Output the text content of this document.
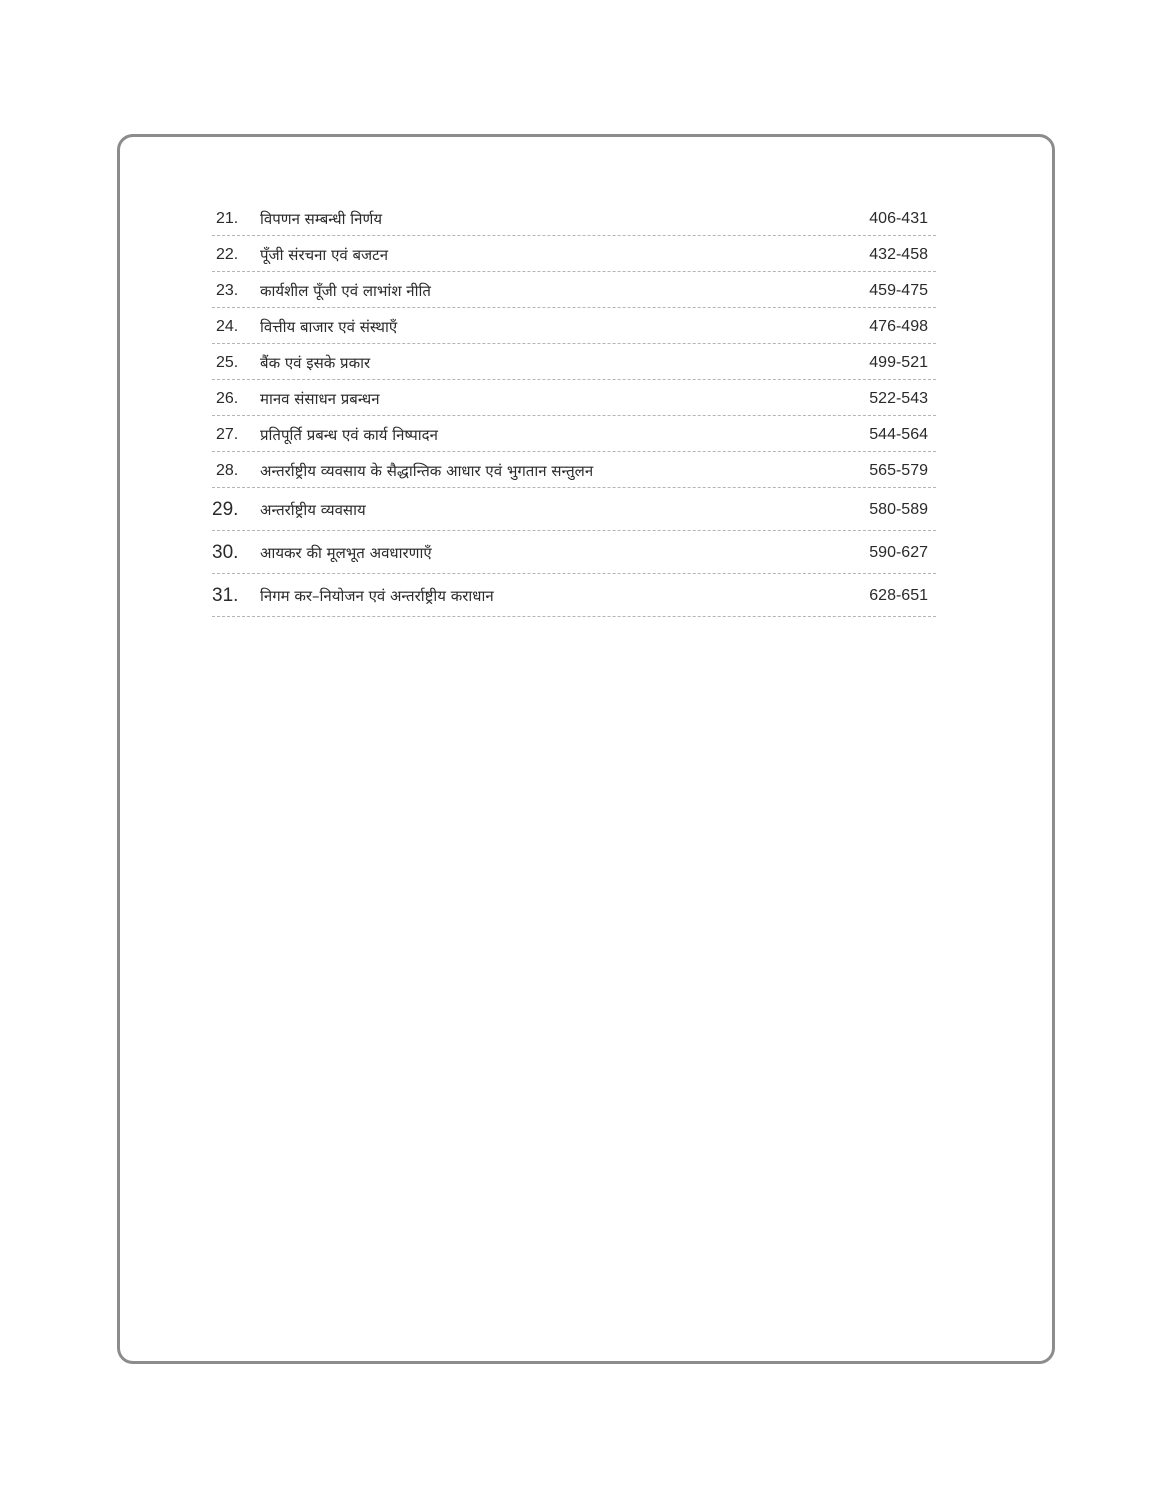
21.	विपणन सम्बन्धी निर्णय	406-431
22.	पूँजी संरचना एवं बजटन	432-458
23.	कार्यशील पूँजी एवं लाभांश नीति	459-475
24.	वित्तीय बाजार एवं संस्थाएँ	476-498
25.	बैंक एवं इसके प्रकार	499-521
26.	मानव संसाधन प्रबन्धन	522-543
27.	प्रतिपूर्ति प्रबन्ध एवं कार्य निष्पादन	544-564
28.	अन्तर्राष्ट्रीय व्यवसाय के सैद्धान्तिक आधार एवं भुगतान सन्तुलन	565-579
29.	अन्तर्राष्ट्रीय व्यवसाय	580-589
30.	आयकर की मूलभूत अवधारणाएँ	590-627
31.	निगम कर–नियोजन एवं अन्तर्राष्ट्रीय कराधान	628-651
